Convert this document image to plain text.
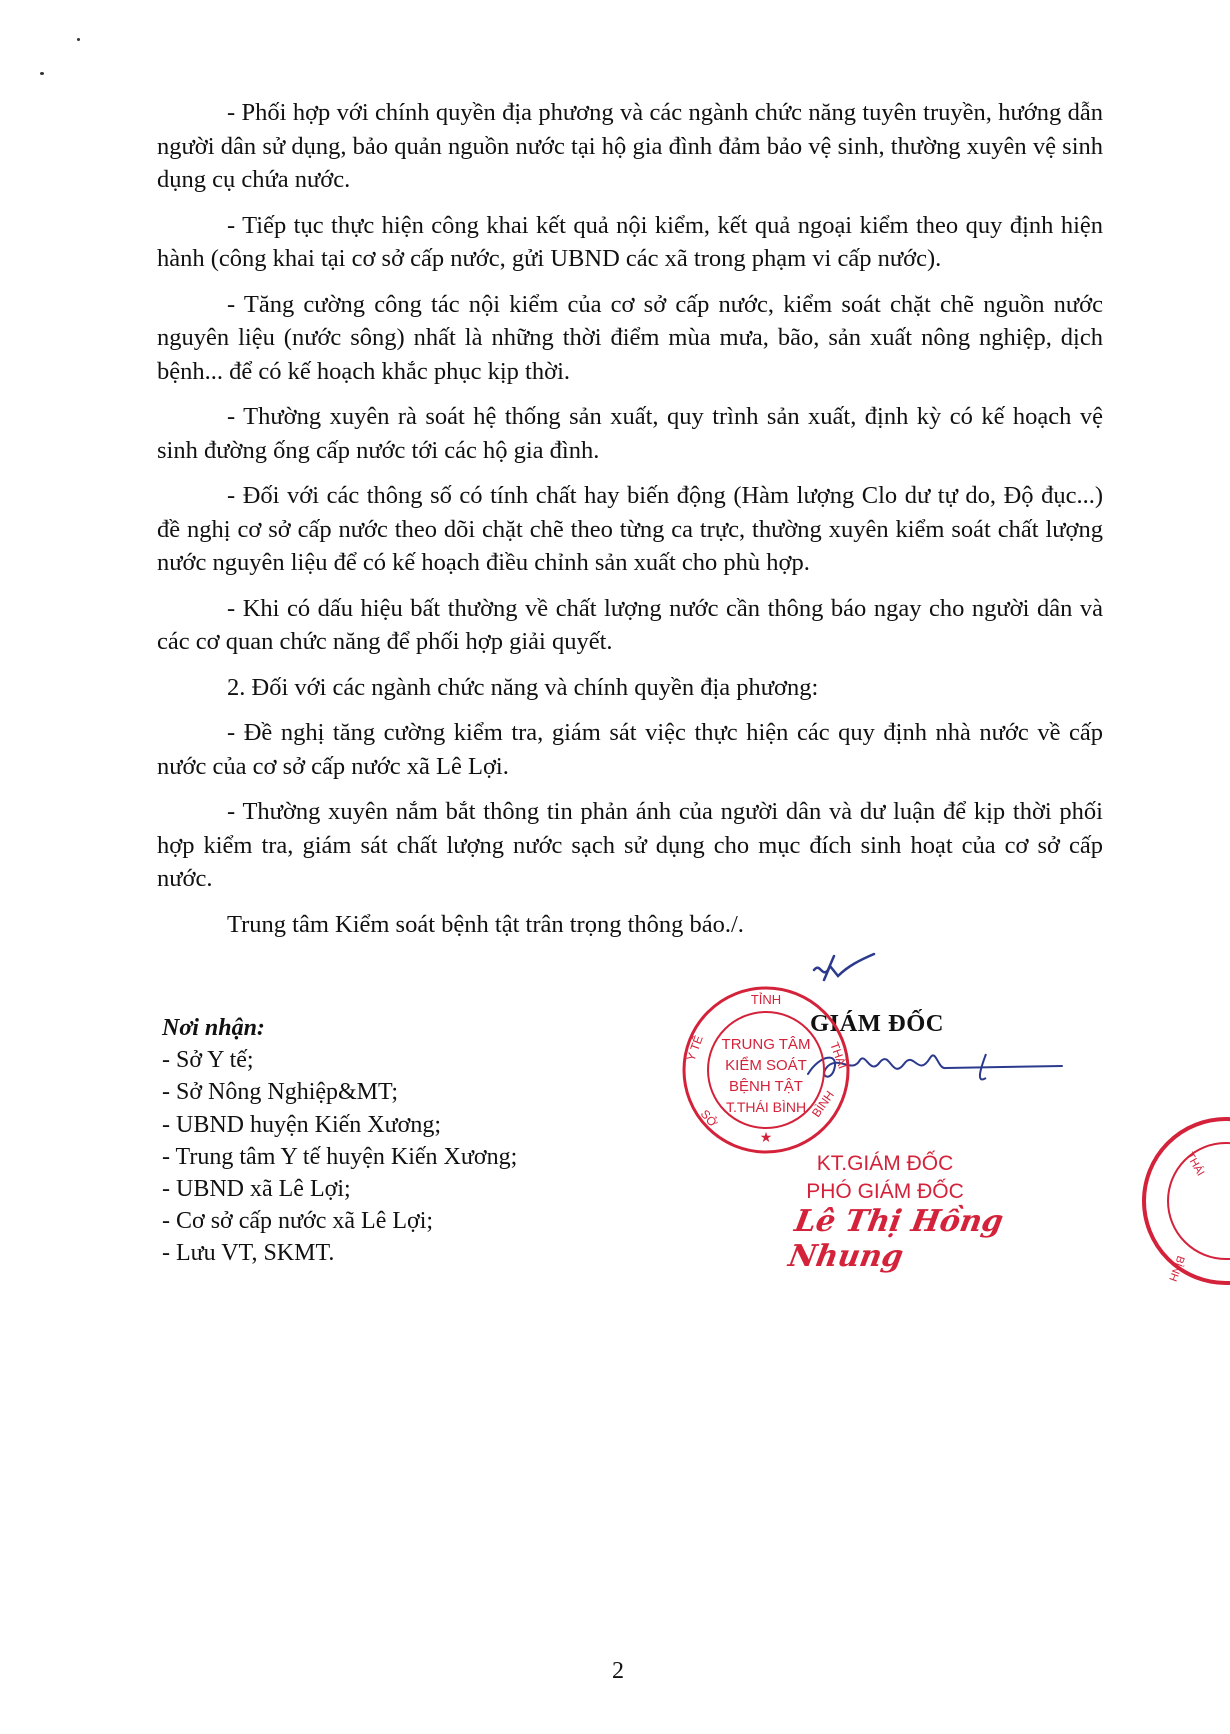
- Phối hợp với chính quyền địa phương và các ngành chức năng tuyên truyền, hướng dẫn người dân sử dụng, bảo quản nguồn nước tại hộ gia đình đảm bảo vệ sinh, thường xuyên vệ sinh dụng cụ chứa nước.

- Tiếp tục thực hiện công khai kết quả nội kiểm, kết quả ngoại kiểm theo quy định hiện hành (công khai tại cơ sở cấp nước, gửi UBND các xã trong phạm vi cấp nước).

- Tăng cường công tác nội kiểm của cơ sở cấp nước, kiểm soát chặt chẽ nguồn nước nguyên liệu (nước sông) nhất là những thời điểm mùa mưa, bão, sản xuất nông nghiệp, dịch bệnh... để có kế hoạch khắc phục kịp thời.

- Thường xuyên rà soát hệ thống sản xuất, quy trình sản xuất, định kỳ có kế hoạch vệ sinh đường ống cấp nước tới các hộ gia đình.

- Đối với các thông số có tính chất hay biến động (Hàm lượng Clo dư tự do, Độ đục...) đề nghị cơ sở cấp nước theo dõi chặt chẽ theo từng ca trực, thường xuyên kiểm soát chất lượng nước nguyên liệu để có kế hoạch điều chỉnh sản xuất cho phù hợp.

- Khi có dấu hiệu bất thường về chất lượng nước cần thông báo ngay cho người dân và các cơ quan chức năng để phối hợp giải quyết.

2. Đối với các ngành chức năng và chính quyền địa phương:

- Đề nghị tăng cường kiểm tra, giám sát việc thực hiện các quy định nhà nước về cấp nước của cơ sở cấp nước xã Lê Lợi.

- Thường xuyên nắm bắt thông tin phản ánh của người dân và dư luận để kịp thời phối hợp kiểm tra, giám sát chất lượng nước sạch sử dụng cho mục đích sinh hoạt của cơ sở cấp nước.

Trung tâm Kiểm soát bệnh tật trân trọng thông báo./.

Nơi nhận:
- Sở Y tế;
- Sở Nông Nghiệp&MT;
- UBND huyện Kiến Xương;
- Trung tâm Y tế huyện Kiến Xương;
- UBND xã Lê Lợi;
- Cơ sở cấp nước xã Lê Lợi;
- Lưu VT, SKMT.
GIÁM ĐỐC
KT.GIÁM ĐỐC
PHÓ GIÁM ĐỐC
Lê Thị Hồng Nhung
TỈNH
Y TẾ	THÁI
SỞ	BÌNH
TRUNG TÂM
KIỂM SOÁT
BỆNH TẬT
T.THÁI BÌNH
★
THÁI
BÌNH
2
